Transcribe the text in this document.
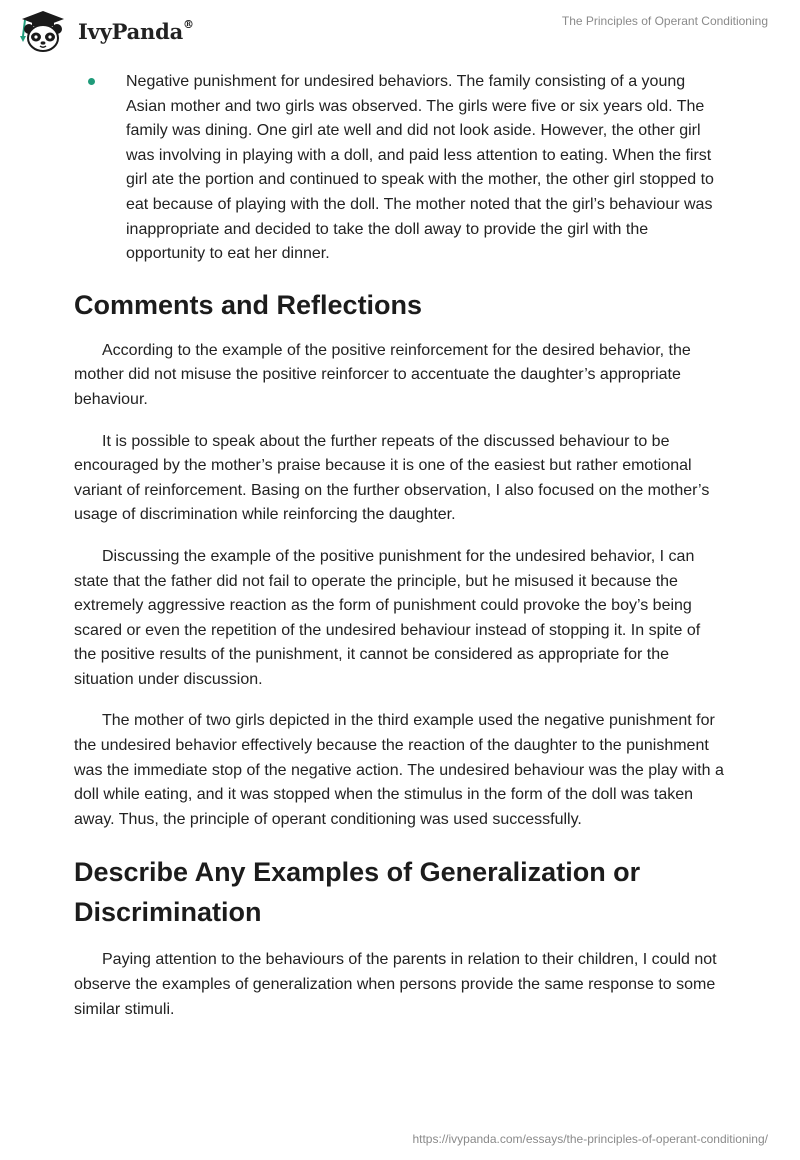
IvyPanda®	The Principles of Operant Conditioning
Negative punishment for undesired behaviors. The family consisting of a young Asian mother and two girls was observed. The girls were five or six years old. The family was dining. One girl ate well and did not look aside. However, the other girl was involving in playing with a doll, and paid less attention to eating. When the first girl ate the portion and continued to speak with the mother, the other girl stopped to eat because of playing with the doll. The mother noted that the girl’s behaviour was inappropriate and decided to take the doll away to provide the girl with the opportunity to eat her dinner.
Comments and Reflections

According to the example of the positive reinforcement for the desired behavior, the mother did not misuse the positive reinforcer to accentuate the daughter’s appropriate behaviour.

It is possible to speak about the further repeats of the discussed behaviour to be encouraged by the mother’s praise because it is one of the easiest but rather emotional variant of reinforcement. Basing on the further observation, I also focused on the mother’s usage of discrimination while reinforcing the daughter.

Discussing the example of the positive punishment for the undesired behavior, I can state that the father did not fail to operate the principle, but he misused it because the extremely aggressive reaction as the form of punishment could provoke the boy’s being scared or even the repetition of the undesired behaviour instead of stopping it. In spite of the positive results of the punishment, it cannot be considered as appropriate for the situation under discussion.

The mother of two girls depicted in the third example used the negative punishment for the undesired behavior effectively because the reaction of the daughter to the punishment was the immediate stop of the negative action. The undesired behaviour was the play with a doll while eating, and it was stopped when the stimulus in the form of the doll was taken away. Thus, the principle of operant conditioning was used successfully.

Describe Any Examples of Generalization or Discrimination

Paying attention to the behaviours of the parents in relation to their children, I could not observe the examples of generalization when persons provide the same response to some similar stimuli.

https://ivypanda.com/essays/the-principles-of-operant-conditioning/
